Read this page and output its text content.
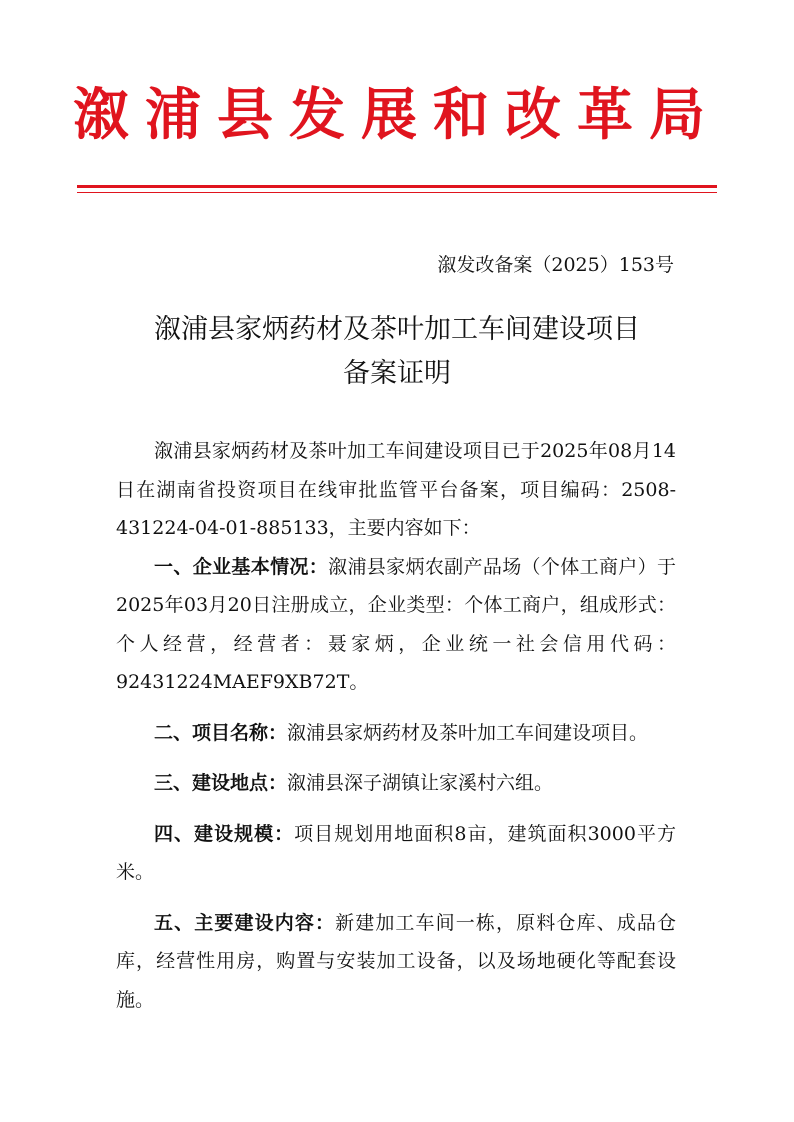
溆浦县发展和改革局
溆发改备案（2025）153号
溆浦县家炳药材及茶叶加工车间建设项目
备案证明

溆浦县家炳药材及茶叶加工车间建设项目已于2025年08月14日在湖南省投资项目在线审批监管平台备案，项目编码：2508-431224-04-01-885133，主要内容如下：

一、企业基本情况：溆浦县家炳农副产品场（个体工商户）于2025年03月20日注册成立，企业类型：个体工商户，组成形式：个人经营，经营者：聂家炳，企业统一社会信用代码：92431224MAEF9XB72T。

二、项目名称：溆浦县家炳药材及茶叶加工车间建设项目。

三、建设地点：溆浦县深子湖镇让家溪村六组。

四、建设规模：项目规划用地面积8亩，建筑面积3000平方米。

五、主要建设内容：新建加工车间一栋，原料仓库、成品仓库，经营性用房，购置与安装加工设备，以及场地硬化等配套设施。
